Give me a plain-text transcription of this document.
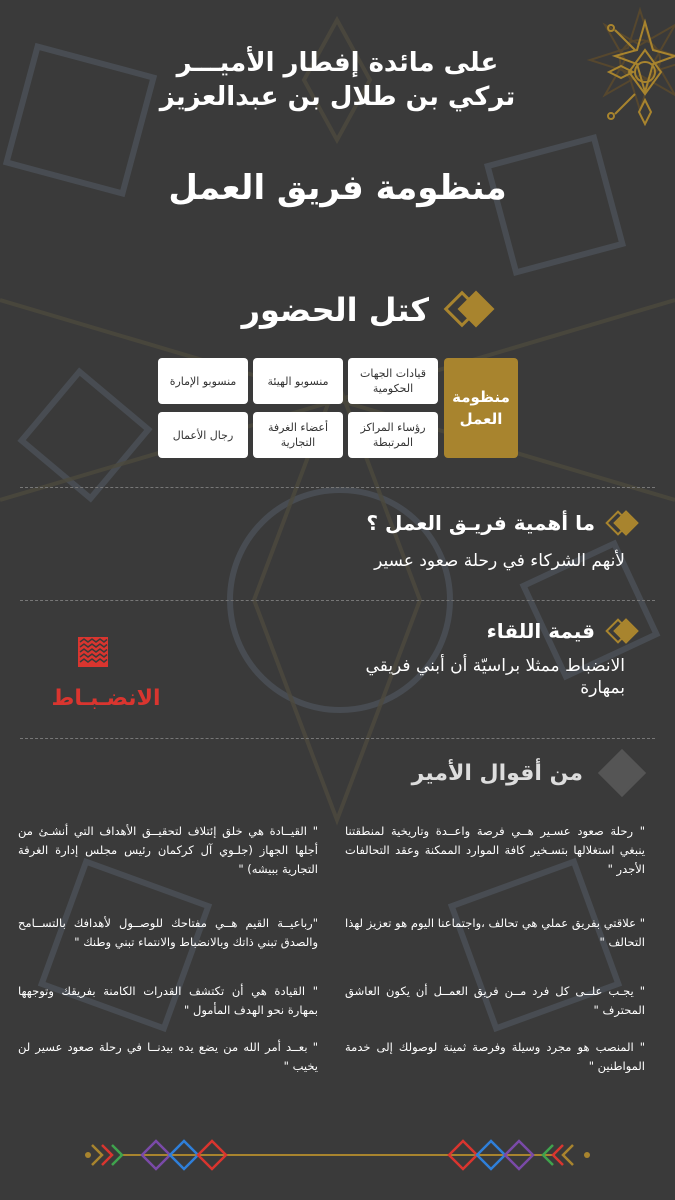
على مائدة إفطار الأميـــر
تركي بن طلال بن عبدالعزيز
منظومة فريق العمل
كتل الحضور
منظومة العمل
قيادات الجهات الحكومية
منسوبو الهيئة
منسوبو الإمارة
رؤساء المراكز المرتبطة
أعضاء الغرفة التجارية
رجال الأعمال
ما أهمية فريـق العمل ؟
لأنهم الشركاء في رحلة صعود عسير
قيمة اللقاء
الانضباط ممثلا براسيّة أن أبني فريقي
بمهارة
الانضـبـاط
من أقوال الأمير
" رحلة صعود عسـير هــي فرصة واعــدة وتاريخية لمنطقتنا ينبغي استغلالها بتسـخير كافة الموارد الممكنة وعقد التحالفات الأجدر "
" علاقتي بفريق عملي هي تحالف ،واجتماعنا اليوم هو تعزيز لهذا التحالف "
" يجـب علــى كل فرد مــن فريق العمــل أن يكون العاشق المحترف "
" المنصب هو مجرد وسيلة وفرصة ثمينة لوصولك إلى خدمة المواطنين "
" القيــادة هي خلق إئتلاف لتحقيــق الأهداف التي أنشـئ من أجلها الجهاز (جلـوي آل كركمان رئيس مجلس إدارة الغرفة التجارية ببيشه) "
"رباعيــة القيم هــي مفتاحك للوصــول لأهدافك بالتســامح والصدق تبني ذاتك وبالانضباط والانتماء تبني وطنك "
" القيادة هي أن تكتشف القدرات الكامنة بفريقك وتوجهها بمهارة نحو الهدف المأمول "
" بعــد أمر الله من يضع يده بيدنــا في رحلة صعود عسير لن يخيب "
